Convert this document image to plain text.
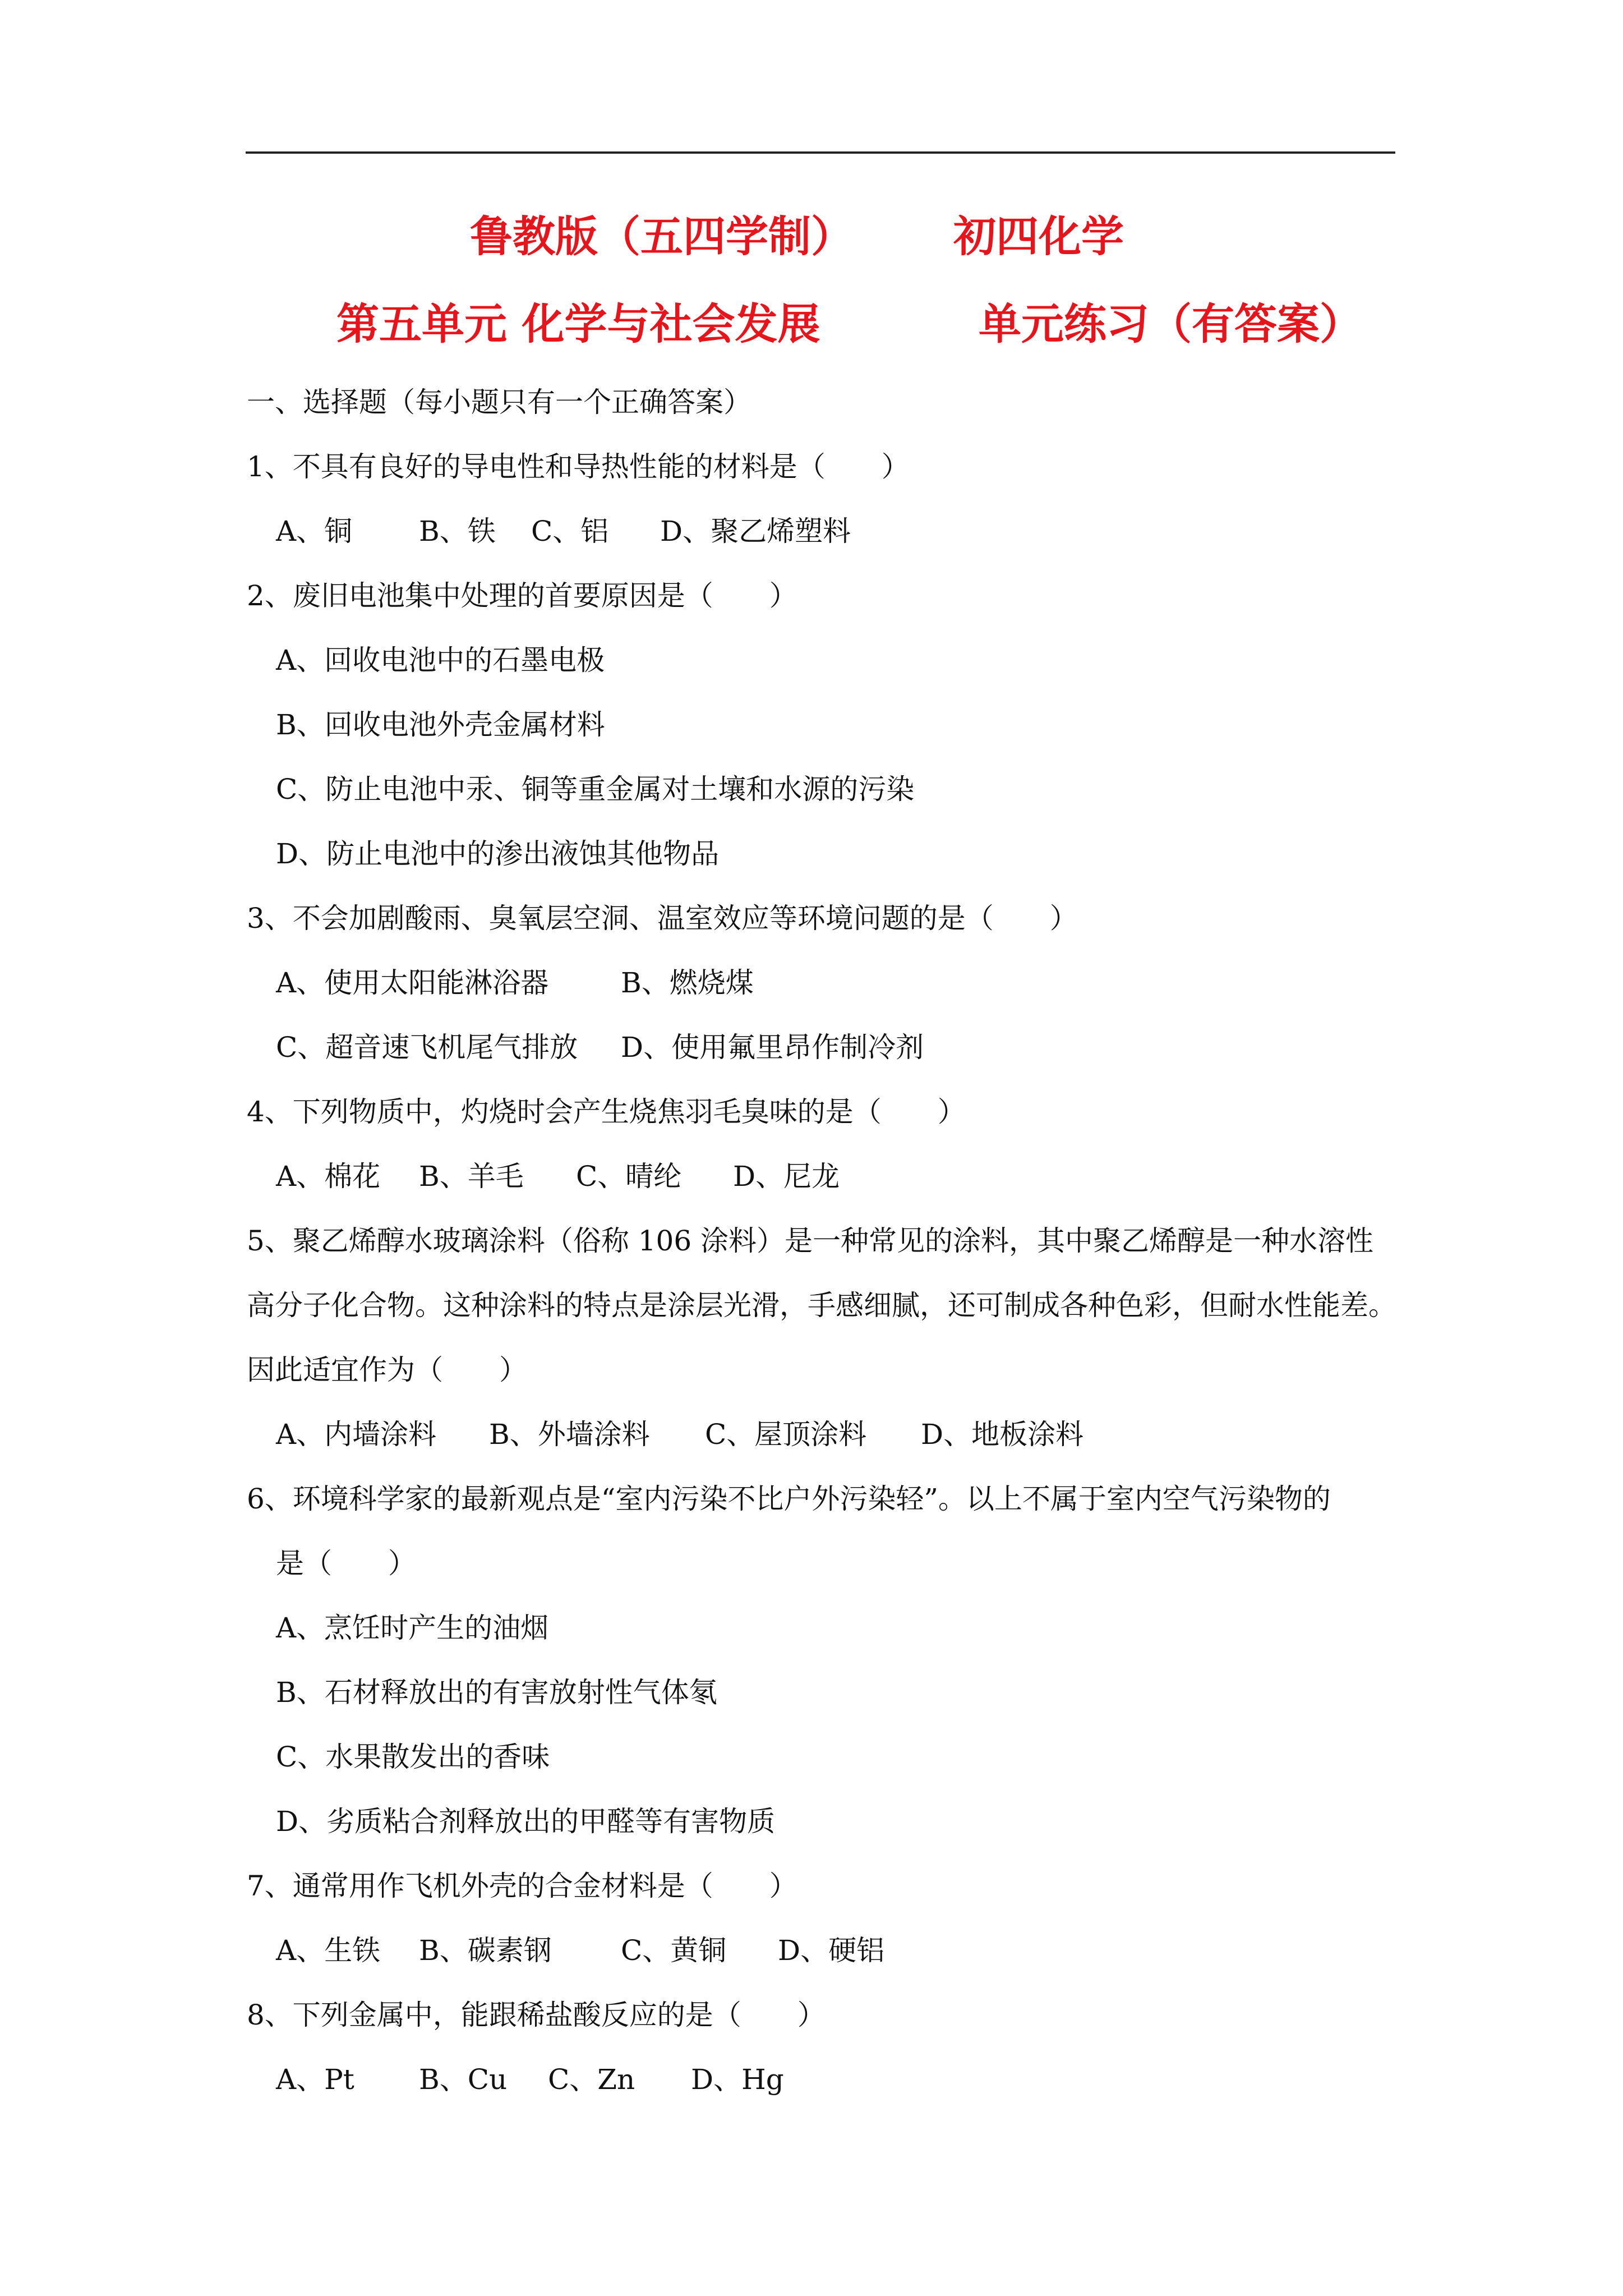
鲁教版（五四学制） 初四化学
第五单元 化学与社会发展	单元练习（有答案）
一、选择题（每小题只有一个正确答案）
1、不具有良好的导电性和导热性能的材料是（　　）
A、铜 B、铁 C、铝 D、聚乙烯塑料
2、废旧电池集中处理的首要原因是（　　）
A、回收电池中的石墨电极
B、回收电池外壳金属材料
C、防止电池中汞、铜等重金属对土壤和水源的污染
D、防止电池中的渗出液蚀其他物品
3、不会加剧酸雨、臭氧层空洞、温室效应等环境问题的是（　　）
A、使用太阳能淋浴器	B、燃烧煤
C、超音速飞机尾气排放 D、使用氟里昂作制冷剂
4、下列物质中，灼烧时会产生烧焦羽毛臭味的是（　　）
A、棉花 B、羊毛 C、晴纶 D、尼龙
5、聚乙烯醇水玻璃涂料（俗称 106 涂料）是一种常见的涂料，其中聚乙烯醇是一种水溶性
高分子化合物。这种涂料的特点是涂层光滑，手感细腻，还可制成各种色彩，但耐水性能差。
因此适宜作为（　　）
A、内墙涂料 B、外墙涂料 C、屋顶涂料 D、地板涂料
6、环境科学家的最新观点是“室内污染不比户外污染轻”。以上不属于室内空气污染物的
是（　　）
A、烹饪时产生的油烟
B、石材释放出的有害放射性气体氡
C、水果散发出的香味
D、劣质粘合剂释放出的甲醛等有害物质
7、通常用作飞机外壳的合金材料是（　　）
A、生铁 B、碳素钢 C、黄铜 D、硬铝
8、下列金属中，能跟稀盐酸反应的是（　　）
A、Pt B、Cu C、Zn D、Hg
